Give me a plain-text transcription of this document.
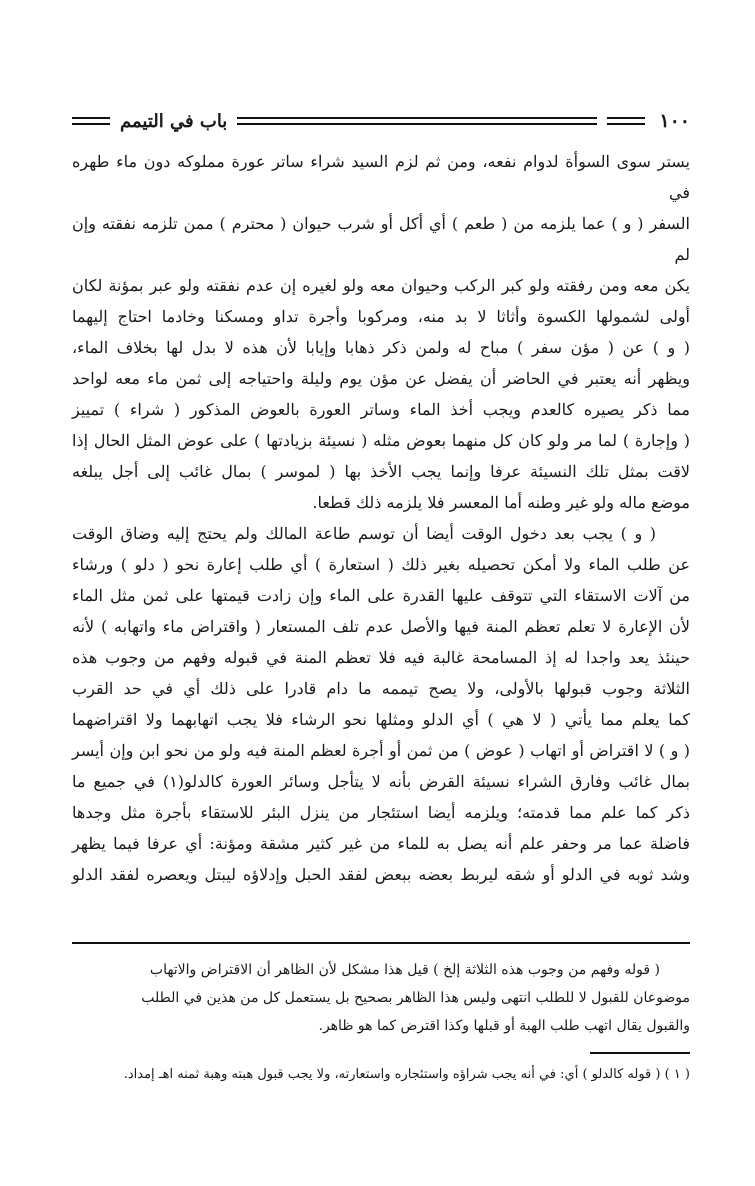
١٠٠
باب في التيمم

يستر سوى السوأة لدوام نفعه، ومن ثم لزم السيد شراء ساتر عورة مملوكه دون ماء طهره في

السفر ( و ) عما يلزمه من ( طعم ) أي أكل أو شرب حيوان ( محترم ) ممن تلزمه نفقته وإن لم

يكن معه ومن رفقته ولو كبر الركب وحيوان معه ولو لغيره إن عدم نفقته ولو عبر بمؤنة لكان

أولى لشمولها الكسوة وأثاثا لا بد منه، ومركوبا وأجرة تداو ومسكنا وخادما احتاج إليهما

( و ) عن ( مؤن سفر ) مباح له ولمن ذكر ذهابا وإيابا لأن هذه لا بدل لها بخلاف الماء،

ويظهر أنه يعتبر في الحاضر أن يفضل عن مؤن يوم وليلة واحتياجه إلى ثمن ماء معه لواحد

مما ذكر يصيره كالعدم ويجب أخذ الماء وساتر العورة بالعوض المذكور ( شراء ) تمييز

( وإجارة ) لما مر ولو كان كل منهما بعوض مثله ( نسيئة بزيادتها ) على عوض المثل الحال إذا

لاقت بمثل تلك النسيئة عرفا وإنما يجب الأخذ بها ( لموسر ) بمال غائب إلى أجل يبلغه

موضع ماله ولو غير وطنه أما المعسر فلا يلزمه ذلك قطعا.

( و ) يجب بعد دخول الوقت أيضا أن توسم طاعة المالك ولم يحتج إليه وضاق الوقت

عن طلب الماء ولا أمكن تحصيله بغير ذلك ( استعارة ) أي طلب إعارة نحو ( دلو ) ورشاء

من آلات الاستقاء التي تتوقف عليها القدرة على الماء وإن زادت قيمتها على ثمن مثل الماء

لأن الإعارة لا تعلم تعظم المنة فيها والأصل عدم تلف المستعار ( واقتراض ماء واتهابه ) لأنه

حينئذ يعد واجدا له إذ المسامحة غالبة فيه فلا تعظم المنة في قبوله وفهم من وجوب هذه

الثلاثة وجوب قبولها بالأولى، ولا يصح تيممه ما دام قادرا على ذلك أي في حد القرب

كما يعلم مما يأتي ( لا هي ) أي الدلو ومثلها نحو الرشاء فلا يجب اتهابهما ولا اقتراضهما

( و ) لا اقتراض أو اتهاب ( عوض ) من ثمن أو أجرة لعظم المنة فيه ولو من نحو ابن وإن أيسر

بمال غائب وفارق الشراء نسيئة القرض بأنه لا يتأجل وسائر العورة كالدلو(١) في جميع ما

ذكر كما علم مما قدمته؛ ويلزمه أيضا استئجار من ينزل البئر للاستقاء بأجرة مثل وجدها

فاضلة عما مر وحفر علم أنه يصل به للماء من غير كثير مشقة ومؤنة: أي عرفا فيما يظهر

وشد ثوبه في الدلو أو شقه ليربط بعضه ببعض لفقد الحبل وإدلاؤه ليبتل ويعصره لفقد الدلو

( قوله وفهم من وجوب هذه الثلاثة إلخ ) قيل هذا مشكل لأن الظاهر أن الاقتراض والاتهاب

موضوعان للقبول لا للطلب انتهى وليس هذا الظاهر بصحيح بل يستعمل كل من هذين في الطلب

والقبول يقال اتهب طلب الهبة أو قبلها وكذا اقترض كما هو ظاهر.

( ١ ) ( قوله كالدلو ) أي: في أنه يجب شراؤه واستئجاره واستعارته، ولا يجب قبول هبته وهبة ثمنه اهـ إمداد.
